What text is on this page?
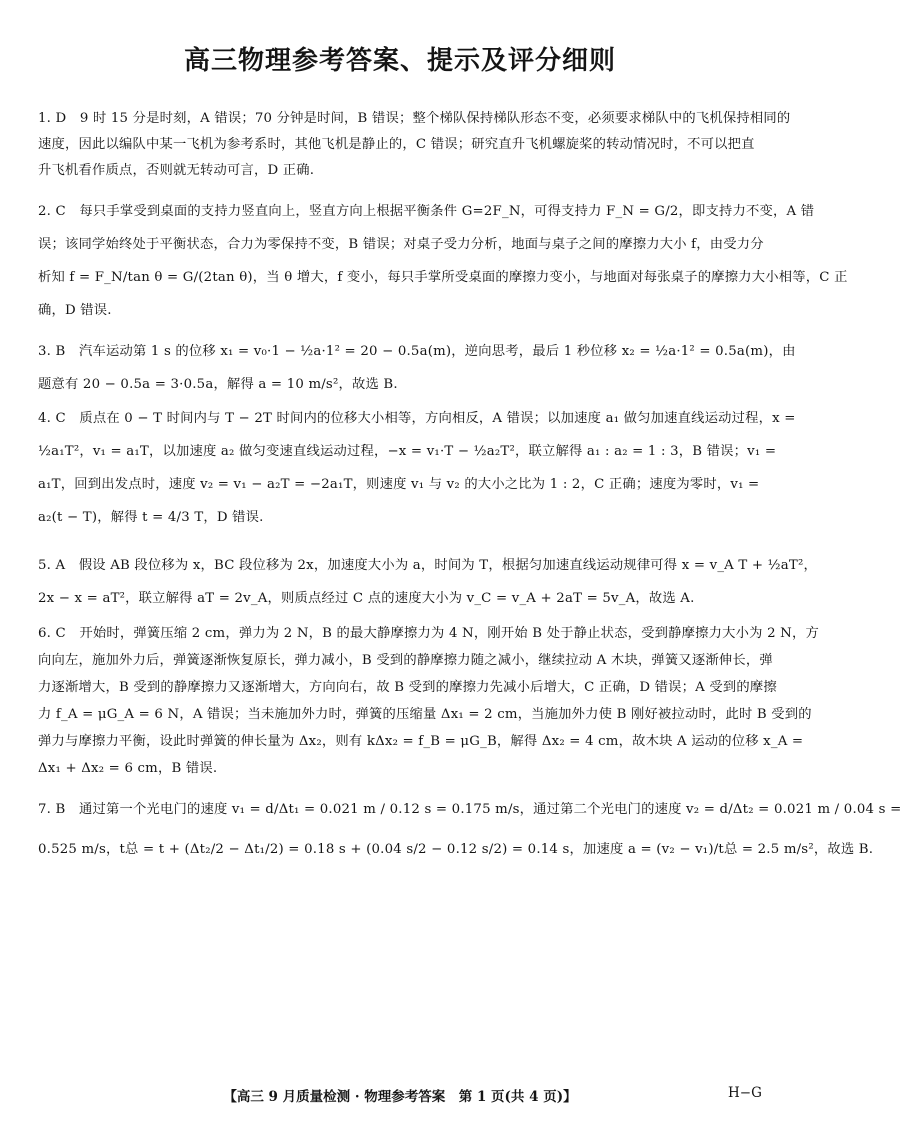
高三物理参考答案、提示及评分细则
1. D　9 时 15 分是时刻，A 错误；70 分钟是时间，B 错误；整个梯队保持梯队形态不变，必须要求梯队中的飞机保持相同的
速度，因此以编队中某一飞机为参考系时，其他飞机是静止的，C 错误；研究直升飞机螺旋桨的转动情况时，不可以把直
升飞机看作质点，否则就无转动可言，D 正确.
2. C　每只手掌受到桌面的支持力竖直向上，竖直方向上根据平衡条件 G=2F_N，可得支持力 F_N = G/2，即支持力不变，A 错
误；该同学始终处于平衡状态，合力为零保持不变，B 错误；对桌子受力分析，地面与桌子之间的摩擦力大小 f，由受力分
析知 f = F_N/tan θ = G/(2tan θ)，当 θ 增大，f 变小，每只手掌所受桌面的摩擦力变小，与地面对每张桌子的摩擦力大小相等，C 正
确，D 错误.
3. B　汽车运动第 1 s 的位移 x₁ = v₀·1 − ½a·1² = 20 − 0.5a(m)，逆向思考，最后 1 秒位移 x₂ = ½a·1² = 0.5a(m)，由
题意有 20 − 0.5a = 3·0.5a，解得 a = 10 m/s²，故选 B.
4. C　质点在 0 − T 时间内与 T − 2T 时间内的位移大小相等，方向相反，A 错误；以加速度 a₁ 做匀加速直线运动过程，x =
½a₁T²，v₁ = a₁T，以加速度 a₂ 做匀变速直线运动过程，−x = v₁·T − ½a₂T²，联立解得 a₁ : a₂ = 1 : 3，B 错误；v₁ =
a₁T，回到出发点时，速度 v₂ = v₁ − a₂T = −2a₁T，则速度 v₁ 与 v₂ 的大小之比为 1 : 2，C 正确；速度为零时，v₁ =
a₂(t − T)，解得 t = 4/3 T，D 错误.
5. A　假设 AB 段位移为 x，BC 段位移为 2x，加速度大小为 a，时间为 T，根据匀加速直线运动规律可得 x = v_A T + ½aT²，
2x − x = aT²，联立解得 aT = 2v_A，则质点经过 C 点的速度大小为 v_C = v_A + 2aT = 5v_A，故选 A.
6. C　开始时，弹簧压缩 2 cm，弹力为 2 N，B 的最大静摩擦力为 4 N，刚开始 B 处于静止状态，受到静摩擦力大小为 2 N，方
向向左，施加外力后，弹簧逐渐恢复原长，弹力减小，B 受到的静摩擦力随之减小，继续拉动 A 木块，弹簧又逐渐伸长，弹
力逐渐增大，B 受到的静摩擦力又逐渐增大，方向向右，故 B 受到的摩擦力先减小后增大，C 正确，D 错误；A 受到的摩擦
力 f_A = μG_A = 6 N，A 错误；当未施加外力时，弹簧的压缩量 Δx₁ = 2 cm，当施加外力使 B 刚好被拉动时，此时 B 受到的
弹力与摩擦力平衡，设此时弹簧的伸长量为 Δx₂，则有 kΔx₂ = f_B = μG_B，解得 Δx₂ = 4 cm，故木块 A 运动的位移 x_A =
Δx₁ + Δx₂ = 6 cm，B 错误.
7. B　通过第一个光电门的速度 v₁ = d/Δt₁ = 0.021 m / 0.12 s = 0.175 m/s，通过第二个光电门的速度 v₂ = d/Δt₂ = 0.021 m / 0.04 s =
0.525 m/s，t总 = t + (Δt₂/2 − Δt₁/2) = 0.18 s + (0.04 s/2 − 0.12 s/2) = 0.14 s，加速度 a = (v₂ − v₁)/t总 = 2.5 m/s²，故选 B.
【高三 9 月质量检测 · 物理参考答案　第 1 页(共 4 页)】	H−G
